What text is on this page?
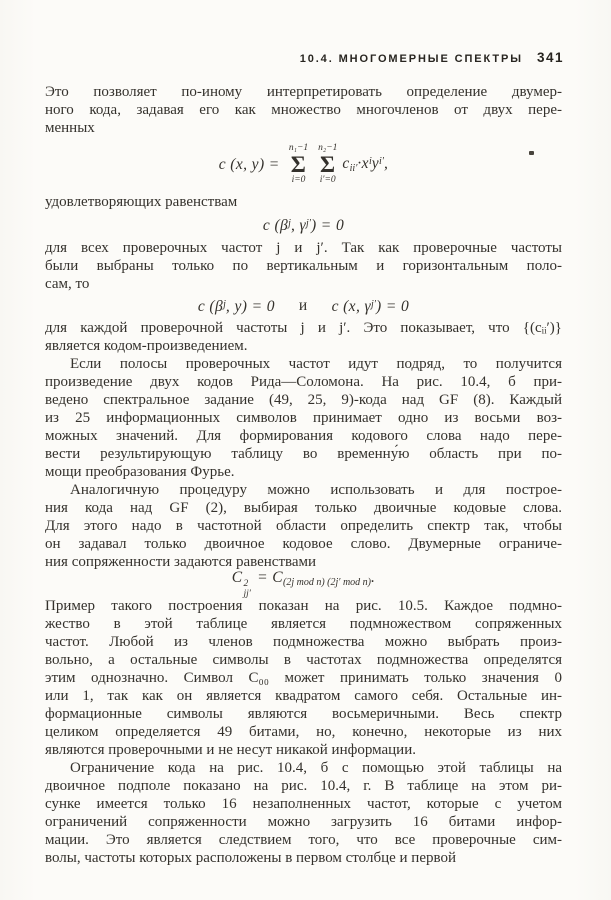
10.4. МНОГОМЕРНЫЕ СПЕКТРЫ 341
Это позволяет по-иному интерпретировать определение двумер-
ного кода, задавая его как множество многочленов от двух пере-
менных
c (x, y) =
n₁−1
Σ
i=0
n₂−1
Σ
i′=0
$c_{ii'}\cdot x^iy^{i'}$,
удовлетворяющих равенствам
c ($\beta^j$, $\gamma^{j'}) = 0$
для всех проверочных частот j и j′. Так как проверочные частоты
были выбраны только по вертикальным и горизонтальным поло-
сам, то
c ($\beta^j$, y) = 0 и c (x, $\gamma^{j'}) = 0$
для каждой проверочной частоты j и j′. Это показывает, что {(cᵢᵢ′)}
является кодом-произведением.
Если полосы проверочных частот идут подряд, то получится
произведение двух кодов Рида—Соломона. На рис. 10.4, б при-
ведено спектральное задание (49, 25, 9)-кода над GF (8). Каждый
из 25 информационных символов принимает одно из восьми воз-
можных значений. Для формирования кодового слова надо пере-
вести результирующую таблицу во временну́ю область при по-
мощи преобразования Фурье.
Аналогичную процедуру можно использовать и для построе-
ния кода над GF (2), выбирая только двоичные кодовые слова.
Для этого надо в частотной области определить спектр так, чтобы
он задавал только двоичное кодовое слово. Двумерные ограниче-
ния сопряженности задаются равенствами
C 2
jj′
= $C_{(2j mod n) (2j' mod n)}$.
Пример такого построения показан на рис. 10.5. Каждое подмно-
жество в этой таблице является подмножеством сопряженных
частот. Любой из членов подмножества можно выбрать произ-
вольно, а остальные символы в частотах подмножества определятся
этим однозначно. Символ C₀₀ может принимать только значения 0
или 1, так как он является квадратом самого себя. Остальные ин-
формационные символы являются восьмеричными. Весь спектр
целиком определяется 49 битами, но, конечно, некоторые из них
являются проверочными и не несут никакой информации.
Ограничение кода на рис. 10.4, б с помощью этой таблицы на
двоичное подполе показано на рис. 10.4, г. В таблице на этом ри-
сунке имеется только 16 незаполненных частот, которые с учетом
ограничений сопряженности можно загрузить 16 битами инфор-
мации. Это является следствием того, что все проверочные сим-
волы, частоты которых расположены в первом столбце и первой
